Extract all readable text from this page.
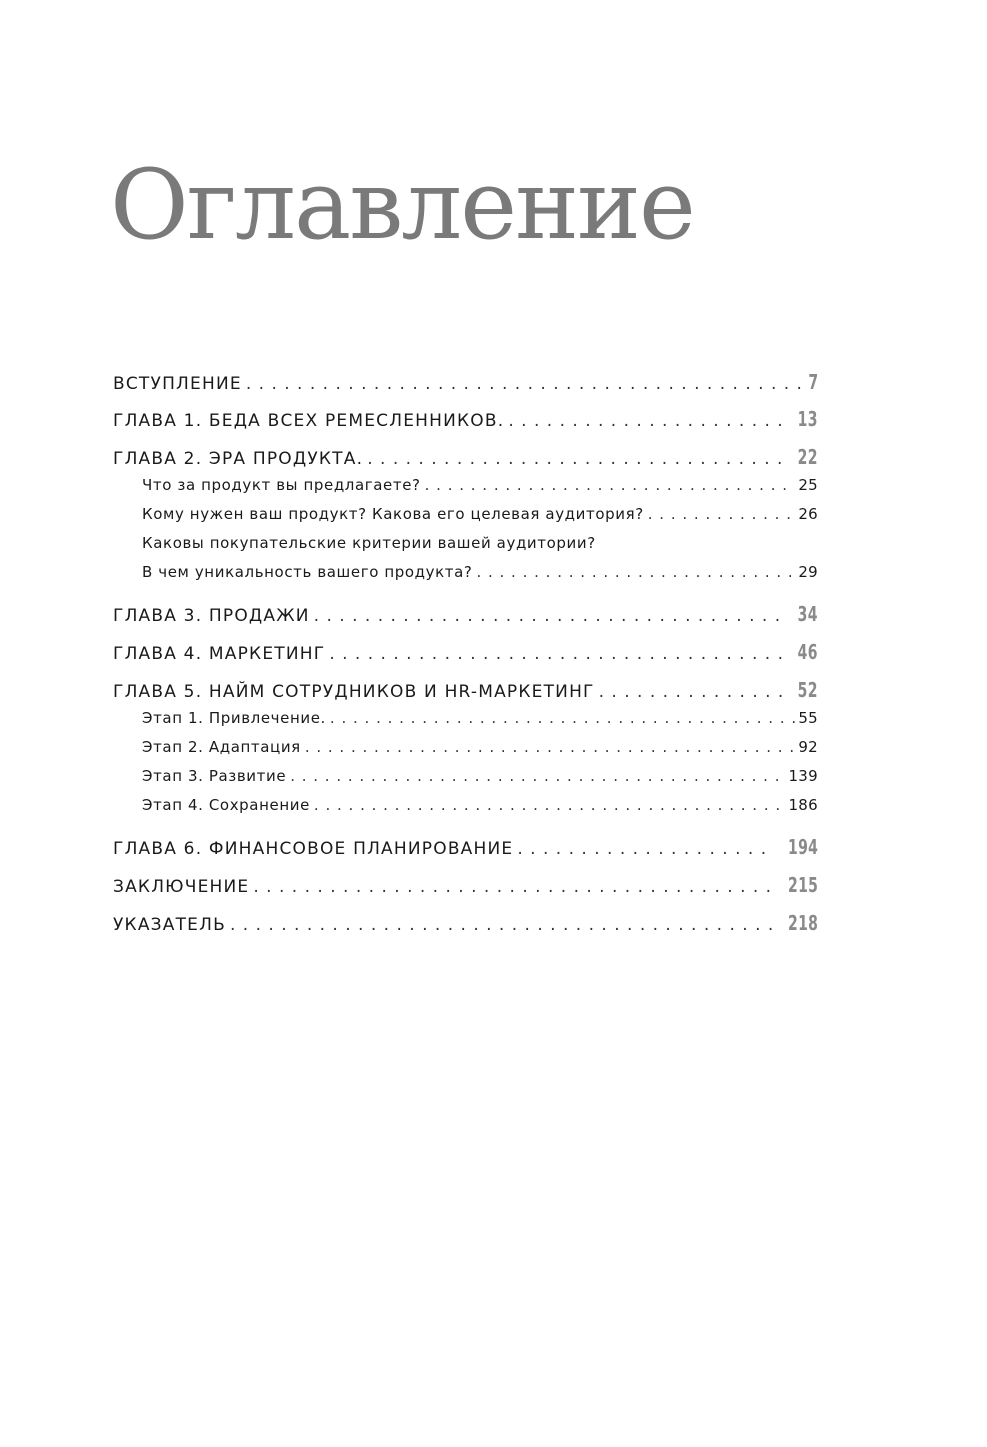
Оглавление
ВСТУПЛЕНИЕ . . .	7
ГЛАВА 1. БЕДА ВСЕХ РЕМЕСЛЕННИКОВ. . . .	13
ГЛАВА 2. ЭРА ПРОДУКТА. . . .	22
Что за продукт вы предлагаете? . . .	25
Кому нужен ваш продукт? Какова его целевая аудитория? . . .	26
Каковы покупательские критерии вашей аудитории?
В чем уникальность вашего продукта? . . .	29
ГЛАВА 3. ПРОДАЖИ . . .	34
ГЛАВА 4. МАРКЕТИНГ . . .	46
ГЛАВА 5. НАЙМ СОТРУДНИКОВ И HR-МАРКЕТИНГ . . .	52
Этап 1. Привлечение. . . .	55
Этап 2. Адаптация . . .	92
Этап 3. Развитие . . .	139
Этап 4. Сохранение . . .	186
ГЛАВА 6. ФИНАНСОВОЕ ПЛАНИРОВАНИЕ . . .	194
ЗАКЛЮЧЕНИЕ . . .	215
УКАЗАТЕЛЬ . . .	218
